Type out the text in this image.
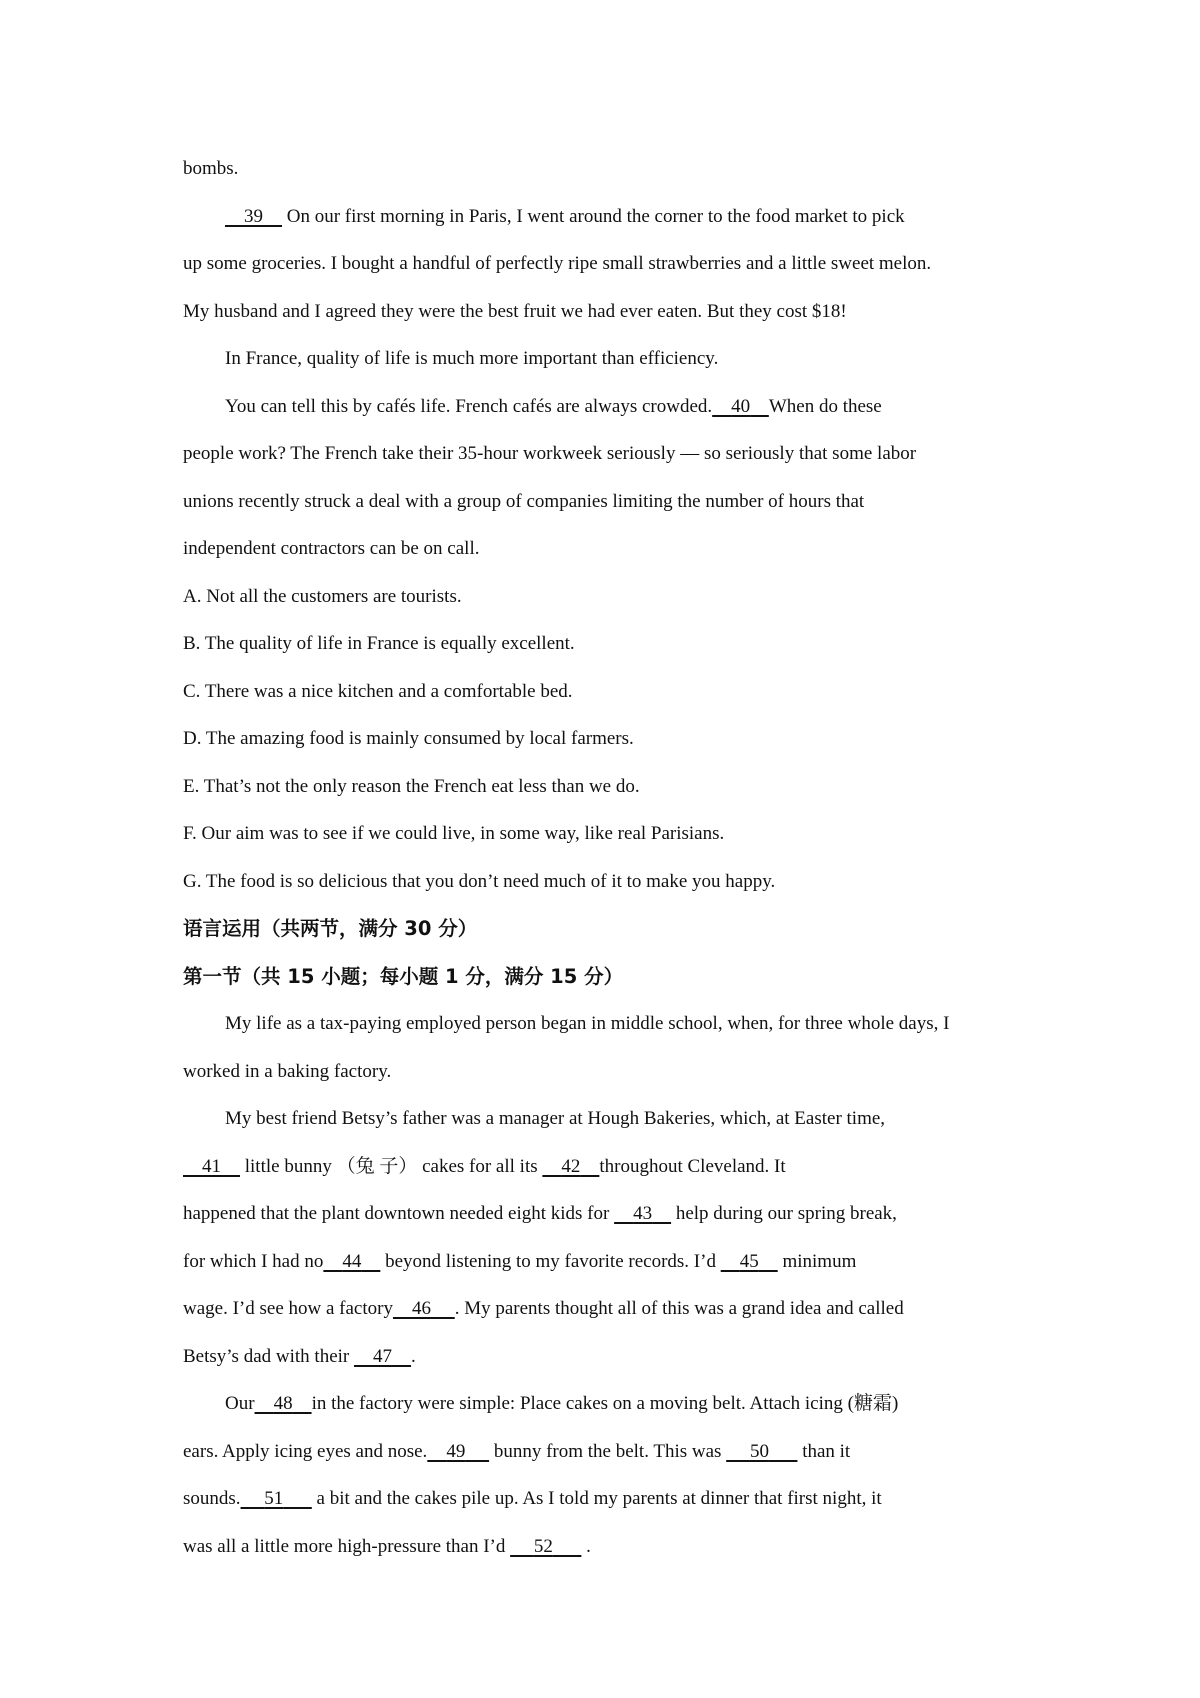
bombs.

39     On our first morning in Paris, I went around the corner to the food market to pick

up some groceries. I bought a handful of perfectly ripe small strawberries and a little sweet melon.

My husband and I agreed they were the best fruit we had ever eaten. But they cost $18!

In France, quality of life is much more important than efficiency.

You can tell this by cafés life. French cafés are always crowded. 40 When do these

people work? The French take their 35-hour workweek seriously — so seriously that some labor

unions recently struck a deal with a group of companies limiting the number of hours that

independent contractors can be on call.

A. Not all the customers are tourists.

B. The quality of life in France is equally excellent.

C. There was a nice kitchen and a comfortable bed.

D. The amazing food is mainly consumed by local farmers.

E. That’s not the only reason the French eat less than we do.

F. Our aim was to see if we could live, in some way, like real Parisians.

G. The food is so delicious that you don’t need much of it to make you happy.

语言运用（共两节，满分 30 分）

第一节（共 15 小题；每小题 1 分，满分 15 分）

My life as a tax-paying employed person began in middle school, when, for three whole days, I

worked in a baking factory.

My best friend Betsy’s father was a manager at Hough Bakeries, which, at Easter time,

41     little bunny （兔 子） cakes for all its     42 throughout Cleveland. It

happened that the plant downtown needed eight kids for     43     help during our spring break,

for which I had no 44     beyond listening to my favorite records. I’d     45     minimum

wage. I’d see how a factory 46 . My parents thought all of this was a grand idea and called

Betsy’s dad with their     47 .

Our 48 in the factory were simple: Place cakes on a moving belt. Attach icing (糖霜)

ears. Apply icing eyes and nose. 49      bunny from the belt. This was      50       than it

sounds. 51       a bit and the cakes pile up. As I told my parents at dinner that first night, it

was all a little more high-pressure than I’d      52       .
